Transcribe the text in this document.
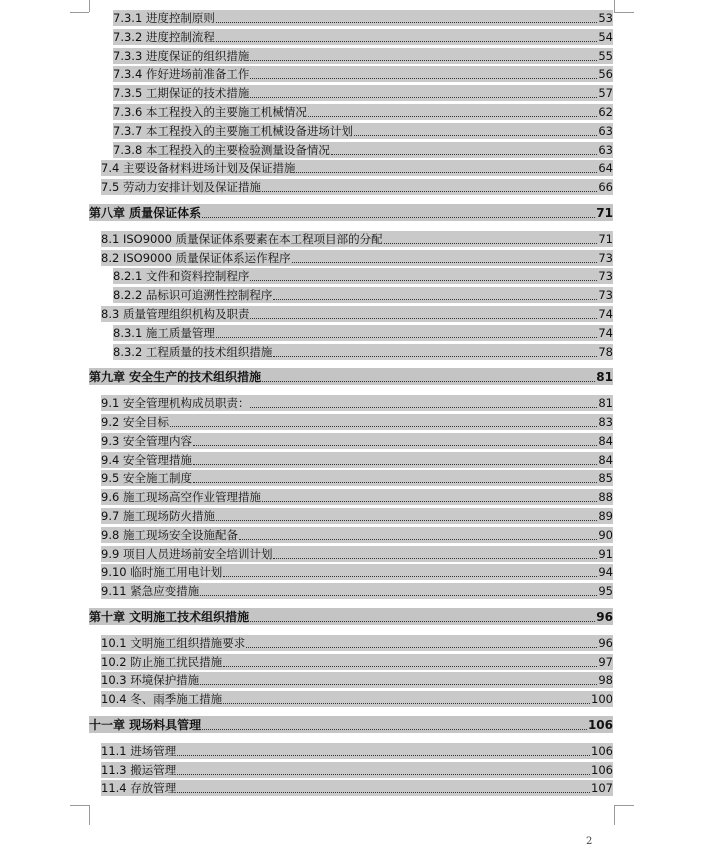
7.3.1 进度控制原则	53
7.3.2 进度控制流程	54
7.3.3 进度保证的组织措施	55
7.3.4 作好进场前准备工作	56
7.3.5 工期保证的技术措施	57
7.3.6 本工程投入的主要施工机械情况	62
7.3.7 本工程投入的主要施工机械设备进场计划	63
7.3.8 本工程投入的主要检验测量设备情况	63
7.4 主要设备材料进场计划及保证措施	64
7.5 劳动力安排计划及保证措施	66
第八章 质量保证体系	71
8.1 ISO9000 质量保证体系要素在本工程项目部的分配	71
8.2 ISO9000 质量保证体系运作程序	73
8.2.1 文件和资料控制程序	73
8.2.2 品标识可追溯性控制程序	73
8.3 质量管理组织机构及职责	74
8.3.1 施工质量管理	74
8.3.2 工程质量的技术组织措施	78
第九章 安全生产的技术组织措施	81
9.1 安全管理机构成员职责：	81
9.2 安全目标	83
9.3 安全管理内容	84
9.4 安全管理措施	84
9.5 安全施工制度	85
9.6 施工现场高空作业管理措施	88
9.7 施工现场防火措施	89
9.8 施工现场安全设施配备	90
9.9 项目人员进场前安全培训计划	91
9.10 临时施工用电计划	94
9.11 紧急应变措施	95
第十章 文明施工技术组织措施	96
10.1 文明施工组织措施要求	96
10.2 防止施工扰民措施	97
10.3 环境保护措施	98
10.4 冬、雨季施工措施	100
十一章 现场料具管理	106
11.1 进场管理	106
11.3 搬运管理	106
11.4 存放管理	107
2
